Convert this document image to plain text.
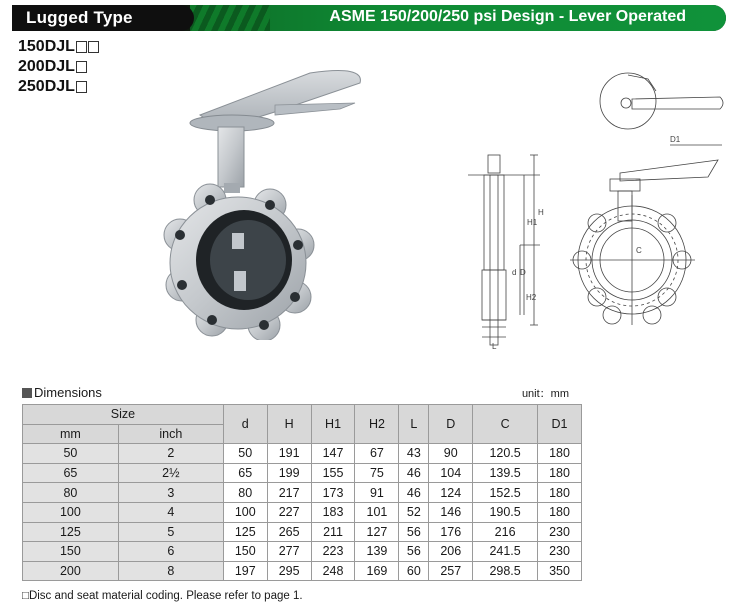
Lugged Type	ASME 150/200/250 psi Design - Lever Operated
150DJL
200DJL
250DJL
D1
H
H1
H2
d D
L
C
Dimensions	unit：mm
Size		d	H	H1	H2	L	D	C	D1
mm	inch								
50	2	50	191	147	67	43	90	120.5	180
65	2½	65	199	155	75	46	104	139.5	180
80	3	80	217	173	91	46	124	152.5	180
100	4	100	227	183	101	52	146	190.5	180
125	5	125	265	211	127	56	176	216	230
150	6	150	277	223	139	56	206	241.5	230
200	8	197	295	248	169	60	257	298.5	350
□Disc and seat material coding. Please refer to page 1.
